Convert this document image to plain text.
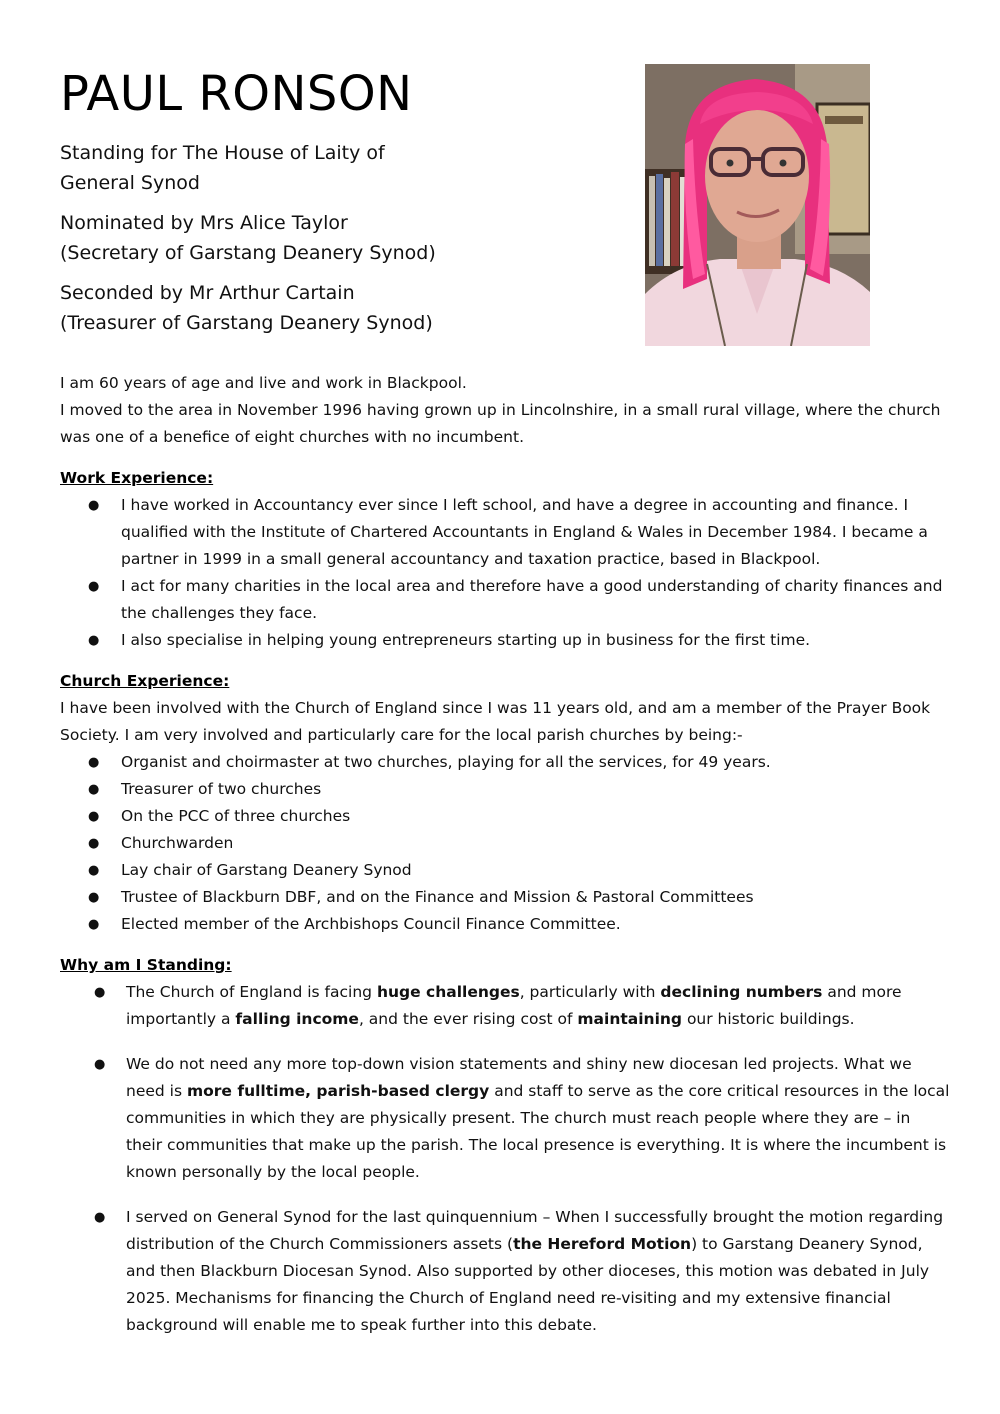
PAUL RONSON

Standing for The House of Laity of
General Synod

Nominated by Mrs Alice Taylor
(Secretary of Garstang Deanery Synod)

Seconded by Mr Arthur Cartain
(Treasurer of Garstang Deanery Synod)

I am 60 years of age and live and work in Blackpool.

I moved to the area in November 1996 having grown up in Lincolnshire, in a small rural village, where the church was one of a benefice of eight churches with no incumbent.

Work Experience:
● I have worked in Accountancy ever since I left school, and have a degree in accounting and finance. I qualified with the Institute of Chartered Accountants in England & Wales in December 1984. I became a partner in 1999 in a small general accountancy and taxation practice, based in Blackpool.
● I act for many charities in the local area and therefore have a good understanding of charity finances and the challenges they face.
● I also specialise in helping young entrepreneurs starting up in business for the first time.
Church Experience:

I have been involved with the Church of England since I was 11 years old, and am a member of the Prayer Book Society. I am very involved and particularly care for the local parish churches by being:-

● Organist and choirmaster at two churches, playing for all the services, for 49 years.
● Treasurer of two churches
● On the PCC of three churches
● Churchwarden
● Lay chair of Garstang Deanery Synod
● Trustee of Blackburn DBF, and on the Finance and Mission & Pastoral Committees
● Elected member of the Archbishops Council Finance Committee.
Why am I Standing:
● The Church of England is facing huge challenges, particularly with declining numbers and more importantly a falling income, and the ever rising cost of maintaining our historic buildings.
● We do not need any more top-down vision statements and shiny new diocesan led projects. What we need is more fulltime, parish-based clergy and staff to serve as the core critical resources in the local communities in which they are physically present. The church must reach people where they are – in their communities that make up the parish. The local presence is everything. It is where the incumbent is known personally by the local people.
● I served on General Synod for the last quinquennium – When I successfully brought the motion regarding distribution of the Church Commissioners assets (the Hereford Motion) to Garstang Deanery Synod, and then Blackburn Diocesan Synod. Also supported by other dioceses, this motion was debated in July 2025. Mechanisms for financing the Church of England need re-visiting and my extensive financial background will enable me to speak further into this debate.
